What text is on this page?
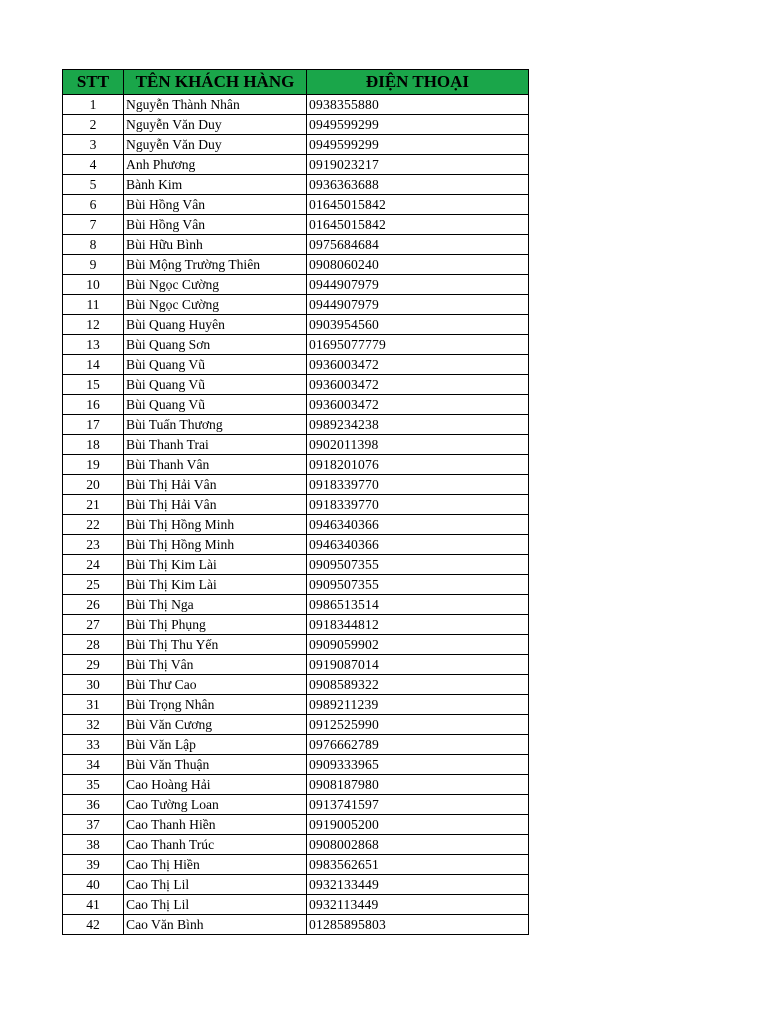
STT	TÊN KHÁCH HÀNG	ĐIỆN THOẠI
1	Nguyễn Thành Nhân	0938355880
2	Nguyễn Văn Duy	0949599299
3	Nguyễn Văn Duy	0949599299
4	Anh Phương	0919023217
5	Bành Kim	0936363688
6	Bùi Hồng Vân	01645015842
7	Bùi Hồng Vân	01645015842
8	Bùi Hữu Bình	0975684684
9	Bùi Mộng Trường Thiên	0908060240
10	Bùi Ngọc Cường	0944907979
11	Bùi Ngọc Cường	0944907979
12	Bùi Quang Huyên	0903954560
13	Bùi Quang Sơn	01695077779
14	Bùi Quang Vũ	0936003472
15	Bùi Quang Vũ	0936003472
16	Bùi Quang Vũ	0936003472
17	Bùi Tuấn Thương	0989234238
18	Bùi Thanh Trai	0902011398
19	Bùi Thanh Vân	0918201076
20	Bùi Thị Hải Vân	0918339770
21	Bùi Thị Hải Vân	0918339770
22	Bùi Thị Hồng Minh	0946340366
23	Bùi Thị Hồng Minh	0946340366
24	Bùi Thị Kim Lài	0909507355
25	Bùi Thị Kim Lài	0909507355
26	Bùi Thị Nga	0986513514
27	Bùi Thị Phụng	0918344812
28	Bùi Thị Thu Yến	0909059902
29	Bùi Thị Vân	0919087014
30	Bùi Thư Cao	0908589322
31	Bùi Trọng Nhân	0989211239
32	Bùi Văn Cương	0912525990
33	Bùi Văn Lập	0976662789
34	Bùi Văn Thuận	0909333965
35	Cao Hoàng Hải	0908187980
36	Cao Tường Loan	0913741597
37	Cao Thanh Hiền	0919005200
38	Cao Thanh Trúc	0908002868
39	Cao Thị Hiền	0983562651
40	Cao Thị Lil	0932133449
41	Cao Thị Lil	0932113449
42	Cao Văn Bình	01285895803
